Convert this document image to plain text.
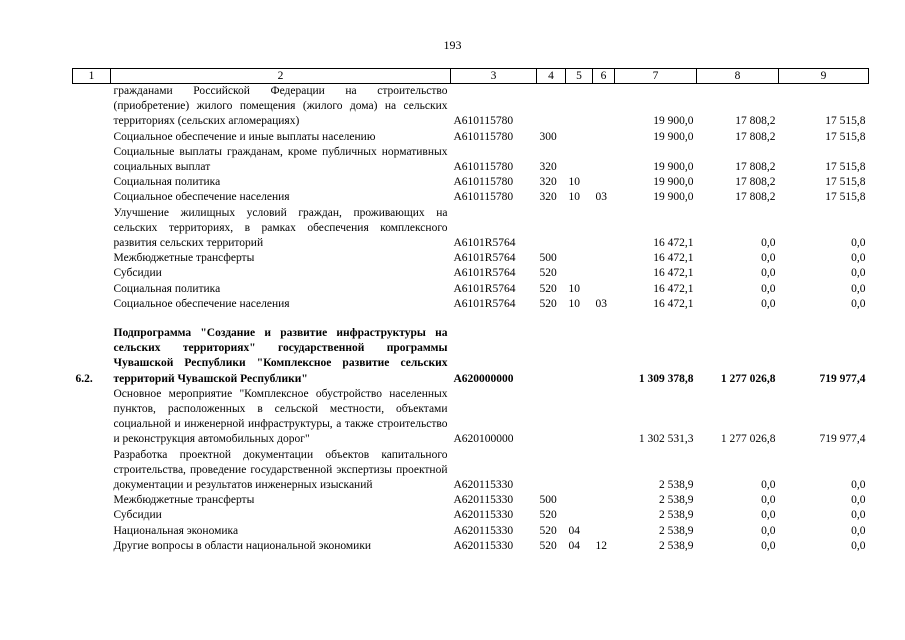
193
1	2	3	4	5	6	7	8	9
	гражданами Российской Федерации на строительство (приобретение) жилого помещения (жилого дома) на сельских территориях (сельских агломерациях)	А610115780				19 900,0	17 808,2	17 515,8
	Социальное обеспечение и иные выплаты населению	А610115780	300			19 900,0	17 808,2	17 515,8
	Социальные выплаты гражданам, кроме публичных нормативных социальных выплат	А610115780	320			19 900,0	17 808,2	17 515,8
	Социальная политика	А610115780	320	10		19 900,0	17 808,2	17 515,8
	Социальное обеспечение населения	А610115780	320	10	03	19 900,0	17 808,2	17 515,8
	Улучшение жилищных условий граждан, проживающих на сельских территориях, в рамках обеспечения комплексного развития сельских территорий	А6101R5764				16 472,1	0,0	0,0
	Межбюджетные трансферты	А6101R5764	500			16 472,1	0,0	0,0
	Субсидии	А6101R5764	520			16 472,1	0,0	0,0
	Социальная политика	А6101R5764	520	10		16 472,1	0,0	0,0
	Социальное обеспечение населения	А6101R5764	520	10	03	16 472,1	0,0	0,0

6.2.	Подпрограмма "Создание и развитие инфраструктуры на сельских территориях" государственной программы Чувашской Республики "Комплексное развитие сельских территорий Чувашской Республики"	А620000000				1 309 378,8	1 277 026,8	719 977,4
	Основное мероприятие "Комплексное обустройство населенных пунктов, расположенных в сельской местности, объектами социальной и инженерной инфраструктуры, а также строительство и реконструкция автомобильных дорог"	А620100000				1 302 531,3	1 277 026,8	719 977,4
	Разработка проектной документации объектов капитального строительства, проведение государственной экспертизы проектной документации и результатов инженерных изысканий	А620115330				2 538,9	0,0	0,0
	Межбюджетные трансферты	А620115330	500			2 538,9	0,0	0,0
	Субсидии	А620115330	520			2 538,9	0,0	0,0
	Национальная экономика	А620115330	520	04		2 538,9	0,0	0,0
	Другие вопросы в области национальной экономики	А620115330	520	04	12	2 538,9	0,0	0,0
